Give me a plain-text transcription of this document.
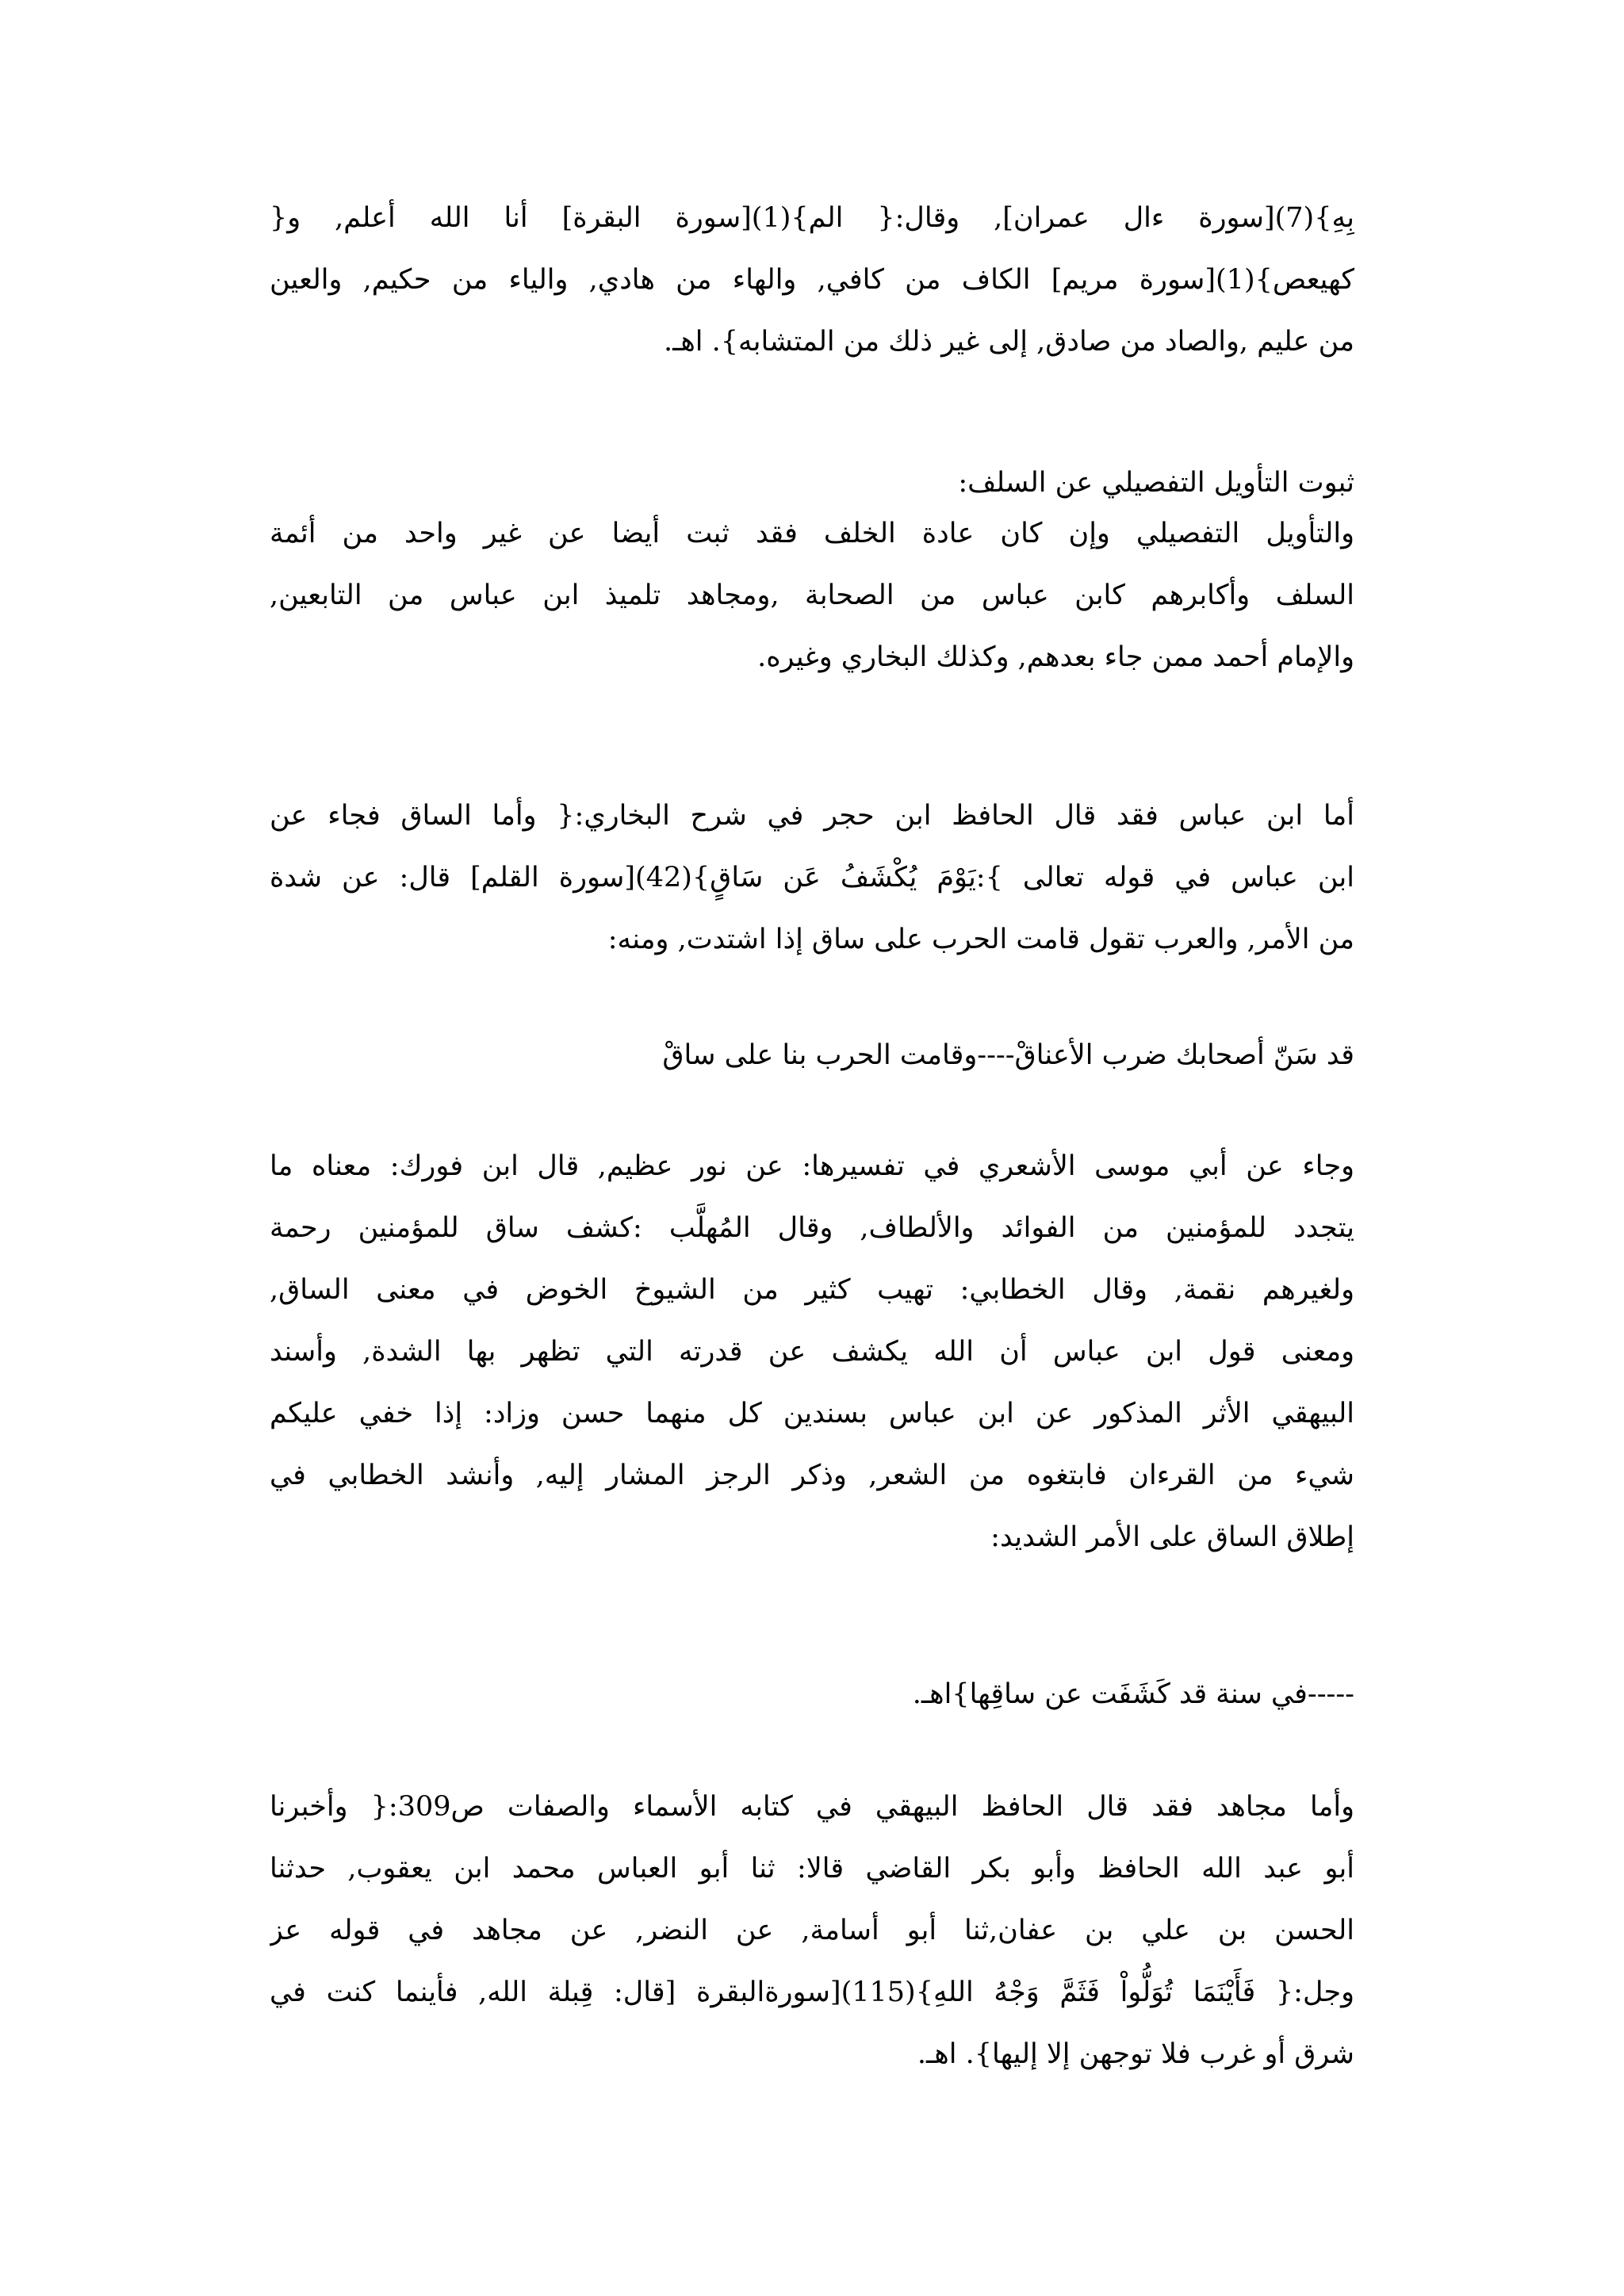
بِهِ}(7)[سورة ءال عمران], وقال:{ الم}(1)[سورة البقرة] أنا الله أعلم, و{
كهيعص}(1)[سورة مريم] الكاف من كافي, والهاء من هادي, والياء من حكيم, والعين
من عليم ,والصاد من صادق, إلى غير ذلك من المتشابه}. اهـ.
ثبوت التأويل التفصيلي عن السلف:
والتأويل التفصيلي وإن كان عادة الخلف فقد ثبت أيضا عن غير واحد من أئمة
السلف وأكابرهم كابن عباس من الصحابة ,ومجاهد تلميذ ابن عباس من التابعين,
والإمام أحمد ممن جاء بعدهم, وكذلك البخاري وغيره.
أما ابن عباس فقد قال الحافظ ابن حجر في شرح البخاري:{ وأما الساق فجاء عن
ابن عباس في قوله تعالى }:يَوْمَ يُكْشَفُ عَن سَاقٍ}(42)[سورة القلم] قال: عن شدة
من الأمر, والعرب تقول قامت الحرب على ساق إذا اشتدت, ومنه:
قد سَنّ أصحابك ضرب الأعناقْ----وقامت الحرب بنا على ساقْ
وجاء عن أبي موسى الأشعري في تفسيرها: عن نور عظيم, قال ابن فورك: معناه ما
يتجدد للمؤمنين من الفوائد والألطاف, وقال المُهلَّب :كشف ساق للمؤمنين رحمة
ولغيرهم نقمة, وقال الخطابي: تهيب كثير من الشيوخ الخوض في معنى الساق,
ومعنى قول ابن عباس أن الله يكشف عن قدرته التي تظهر بها الشدة, وأسند
البيهقي الأثر المذكور عن ابن عباس بسندين كل منهما حسن وزاد: إذا خفي عليكم
شيء من القرءان فابتغوه من الشعر, وذكر الرجز المشار إليه, وأنشد الخطابي في
إطلاق الساق على الأمر الشديد:
-----في سنة قد كَشَفَت عن ساقِها}اهـ.
وأما مجاهد فقد قال الحافظ البيهقي في كتابه الأسماء والصفات ص309:{ وأخبرنا
أبو عبد الله الحافظ وأبو بكر القاضي قالا: ثنا أبو العباس محمد ابن يعقوب, حدثنا
الحسن بن علي بن عفان,ثنا أبو أسامة, عن النضر, عن مجاهد في قوله عز
وجل:{ فَأَيْنَمَا تُوَلُّواْ فَثَمَّ وَجْهُ اللهِ}(115)[سورةالبقرة [قال: قِبلة الله, فأينما كنت في
شرق أو غرب فلا توجهن إلا إليها}. اهـ.
